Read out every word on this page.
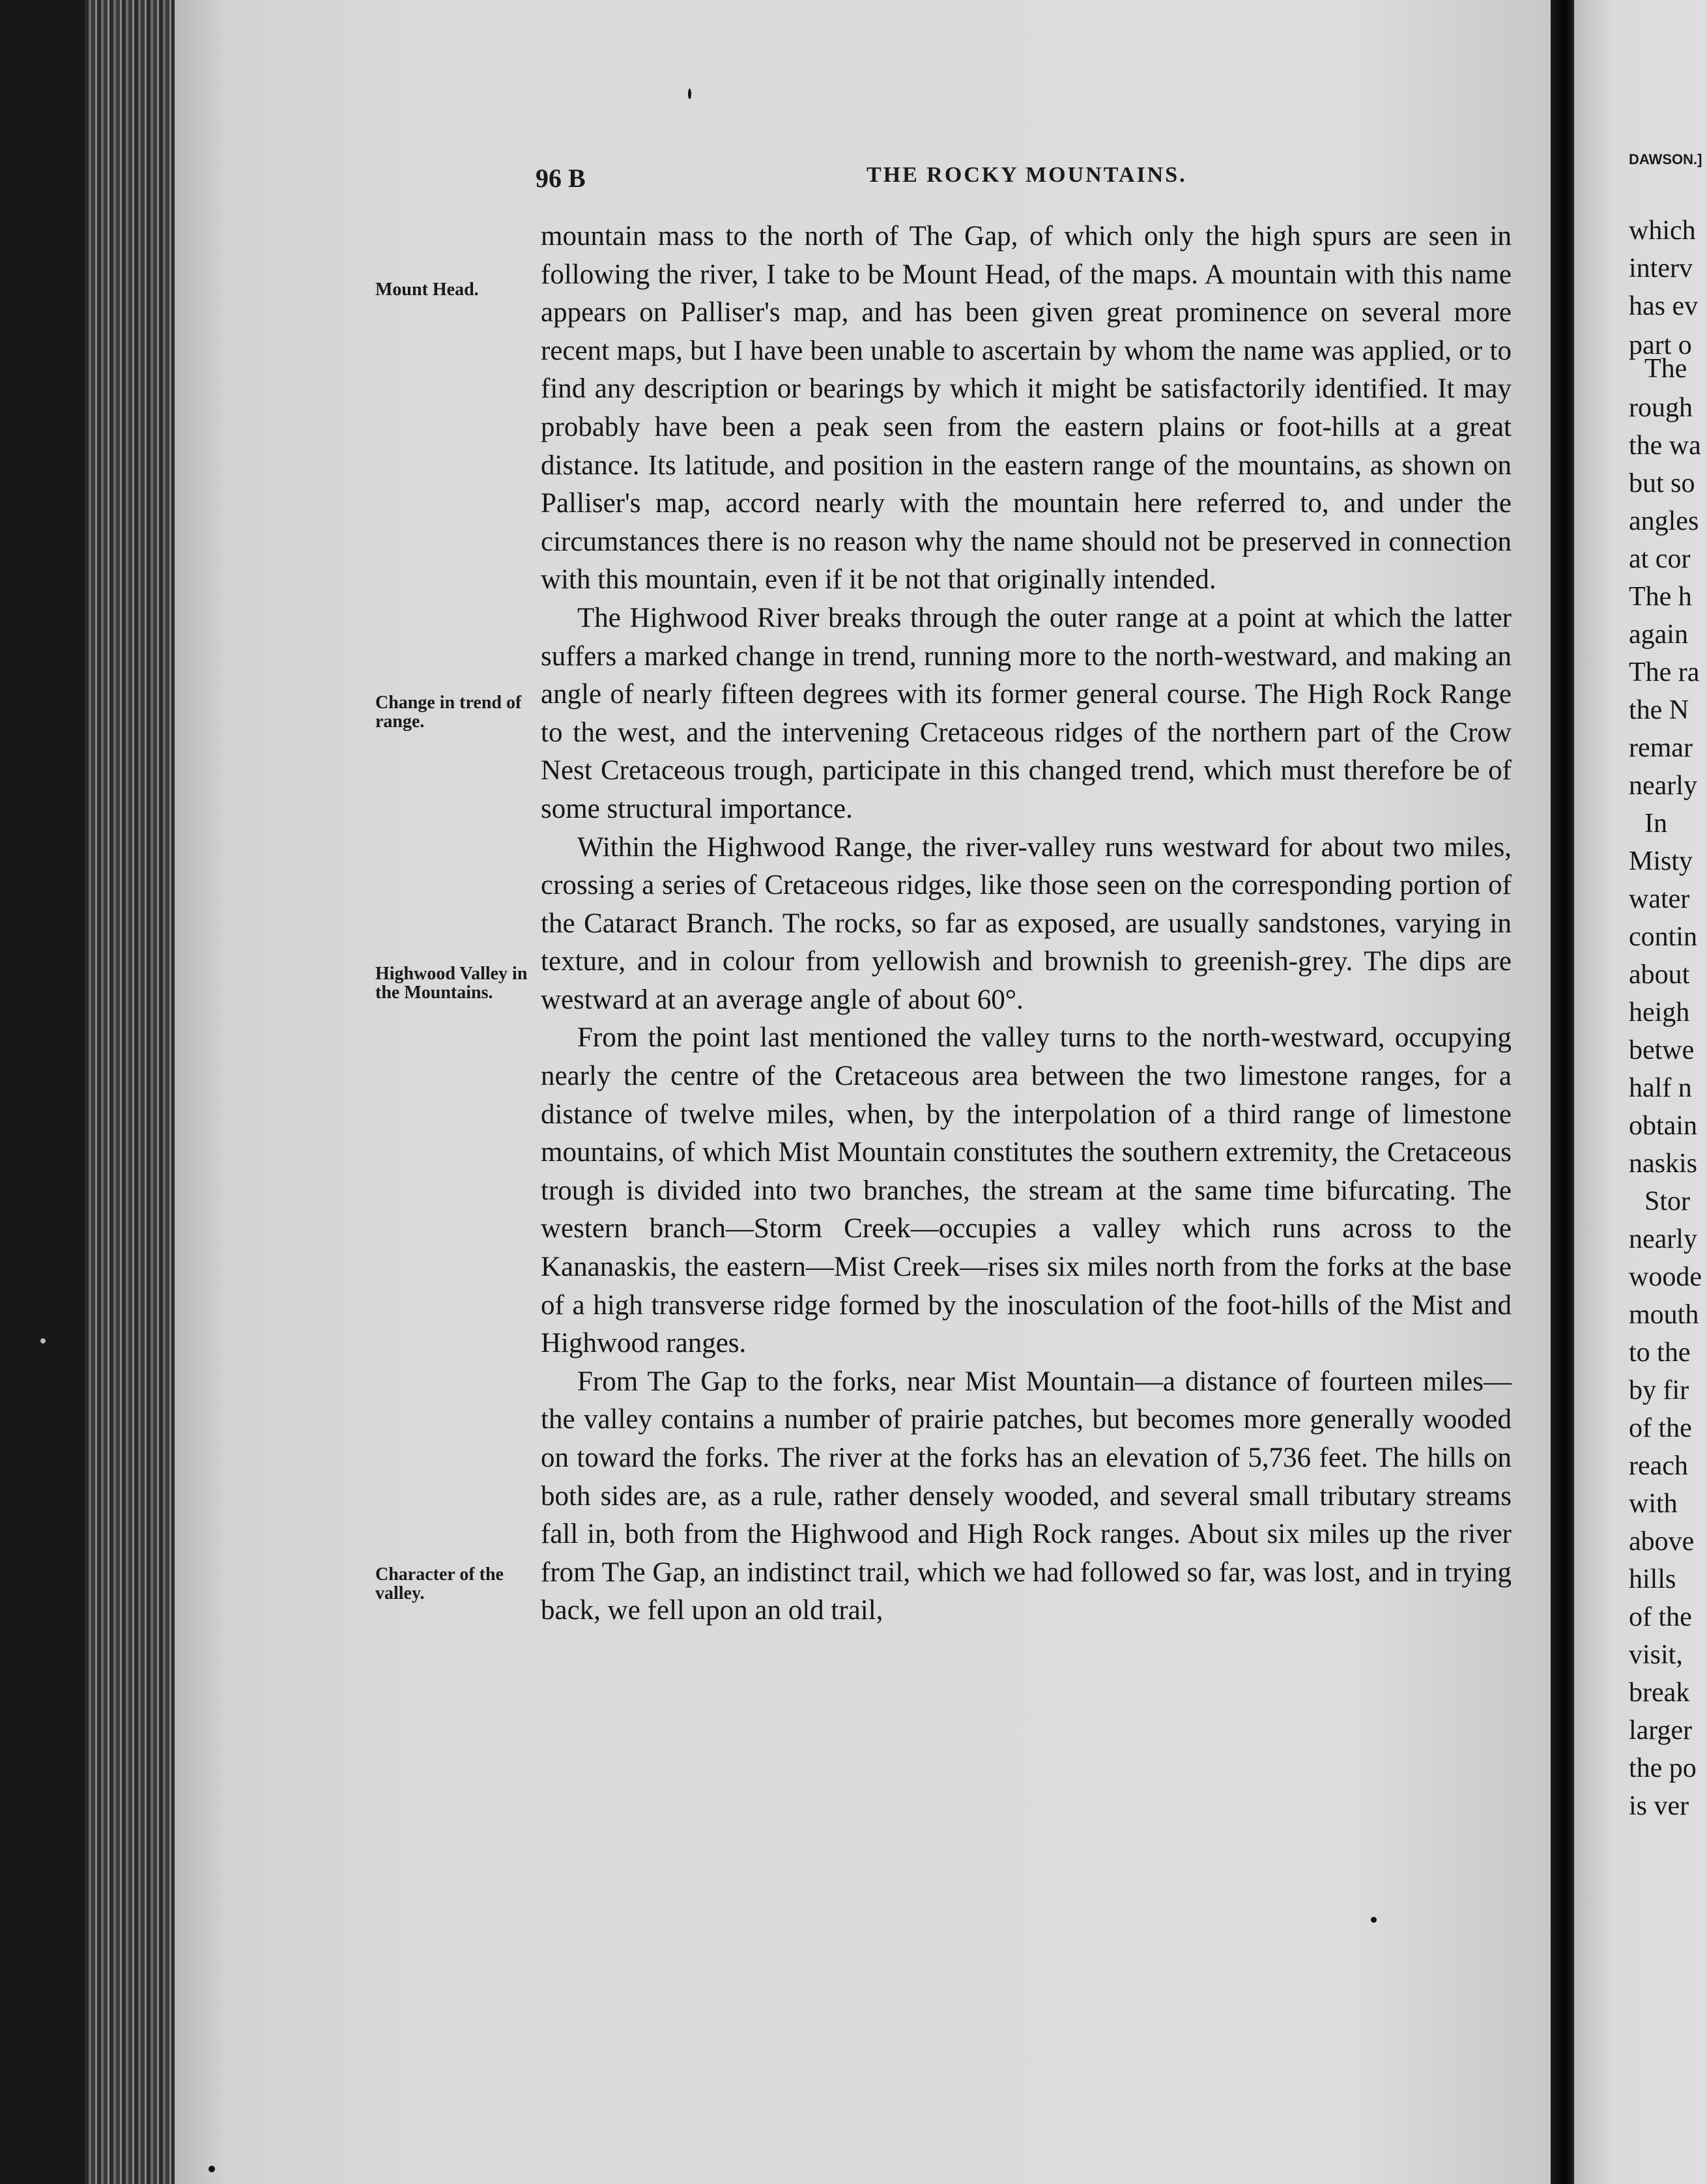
96 B	THE ROCKY MOUNTAINS.
Mount Head.
Change in trend of range.
Highwood Valley in the Mountains.
Character of the valley.

mountain mass to the north of The Gap, of which only the high spurs are seen in following the river, I take to be Mount Head, of the maps. A mountain with this name appears on Palliser's map, and has been given great prominence on several more recent maps, but I have been unable to ascertain by whom the name was applied, or to find any description or bearings by which it might be satisfactorily identified. It may probably have been a peak seen from the eastern plains or foot-hills at a great distance. Its latitude, and position in the eastern range of the mountains, as shown on Palliser's map, accord nearly with the mountain here referred to, and under the circumstances there is no reason why the name should not be preserved in connection with this mountain, even if it be not that originally intended.

The Highwood River breaks through the outer range at a point at which the latter suffers a marked change in trend, running more to the north-westward, and making an angle of nearly fifteen degrees with its former general course. The High Rock Range to the west, and the intervening Cretaceous ridges of the northern part of the Crow Nest Cretaceous trough, participate in this changed trend, which must therefore be of some structural importance.

Within the Highwood Range, the river-valley runs westward for about two miles, crossing a series of Cretaceous ridges, like those seen on the corresponding portion of the Cataract Branch. The rocks, so far as exposed, are usually sandstones, varying in texture, and in colour from yellowish and brownish to greenish-grey. The dips are westward at an average angle of about 60°.

From the point last mentioned the valley turns to the north-westward, occupying nearly the centre of the Cretaceous area between the two limestone ranges, for a distance of twelve miles, when, by the interpolation of a third range of limestone mountains, of which Mist Mountain constitutes the southern extremity, the Cretaceous trough is divided into two branches, the stream at the same time bifurcating. The western branch—Storm Creek—occupies a valley which runs across to the Kananaskis, the eastern—Mist Creek—rises six miles north from the forks at the base of a high transverse ridge formed by the inosculation of the foot-hills of the Mist and Highwood ranges.

From The Gap to the forks, near Mist Mountain—a distance of fourteen miles—the valley contains a number of prairie patches, but becomes more generally wooded on toward the forks. The river at the forks has an elevation of 5,736 feet. The hills on both sides are, as a rule, rather densely wooded, and several small tributary streams fall in, both from the Highwood and High Rock ranges. About six miles up the river from The Gap, an indistinct trail, which we had followed so far, was lost, and in trying back, we fell upon an old trail,

DAWSON.]
which
interv
has ev
part o
The
rough
the wa
but so
angles
at cor
The h
again
The ra
the N
remar
nearly
In
Misty
water
contin
about
heigh
betwe
half n
obtain
naskis
Stor
nearly
woode
mouth
to the
by fir
of the
reach
with
above
hills
of the
visit,
break
larger
the po
is ver
